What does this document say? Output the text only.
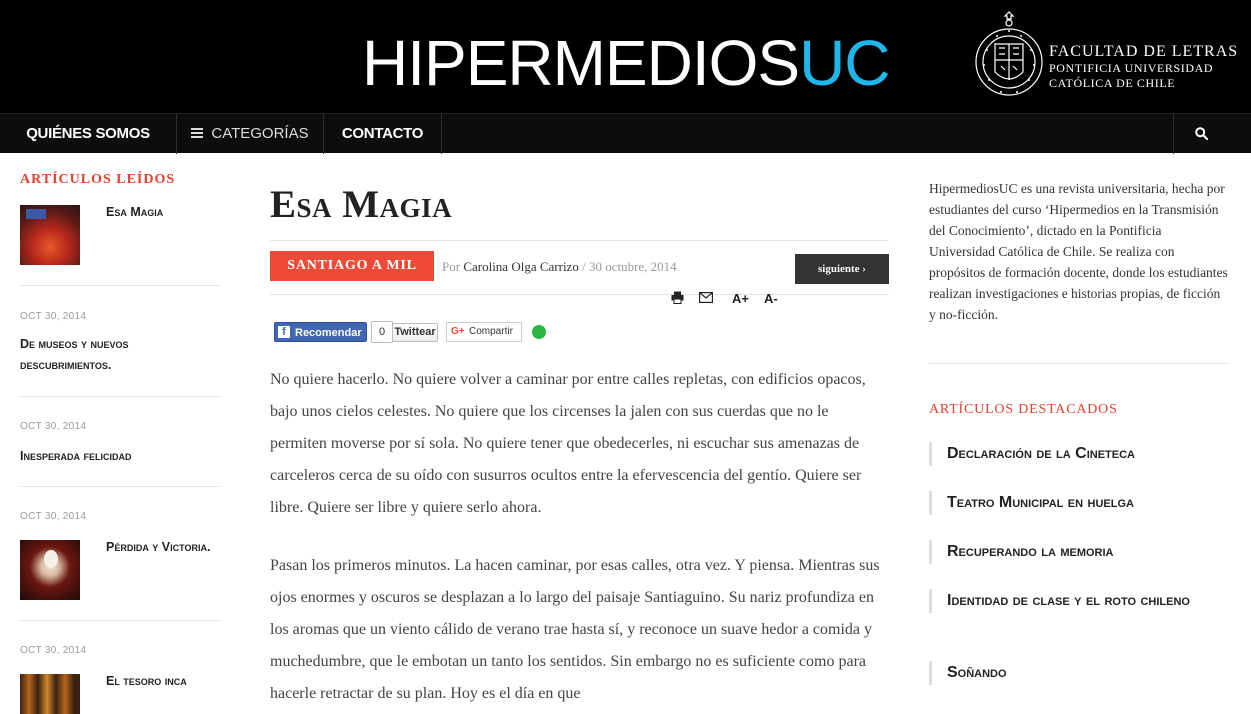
HIPERMEDIOSUC	FACULTAD DE LETRAS
PONTIFICIA UNIVERSIDAD
CATÓLICA DE CHILE
QUIÉNES SOMOS	CATEGORÍAS	CONTACTO
ARTÍCULOS LEÍDOS
Esa Magia
OCT 30, 2014
De museos y nuevos descubrimientos.
OCT 30, 2014
Inesperada felicidad
OCT 30, 2014
Pérdida y Victoria.
OCT 30, 2014
El tesoro inca
Esa Magia
SANTIAGO A MIL	Por Carolina Olga Carrizo / 30 octubre, 2014	siguiente ›
A+ A-
f Recomendar	0 Twittear G+ Compartir

No quiere hacerlo. No quiere volver a caminar por entre calles repletas, con edificios opacos, bajo unos cielos celestes. No quiere que los circenses la jalen con sus cuerdas que no le permiten moverse por sí sola. No quiere tener que obedecerles, ni escuchar sus amenazas de carceleros cerca de su oído con susurros ocultos entre la efervescencia del gentío. Quiere ser libre. Quiere ser libre y quiere serlo ahora.

Pasan los primeros minutos. La hacen caminar, por esas calles, otra vez. Y piensa. Mientras sus ojos enormes y oscuros se desplazan a lo largo del paisaje Santiaguino. Su nariz profundiza en los aromas que un viento cálido de verano trae hasta sí, y reconoce un suave hedor a comida y muchedumbre, que le embotan un tanto los sentidos. Sin embargo no es suficiente como para hacerle retractar de su plan. Hoy es el día en que

HipermediosUC es una revista universitaria, hecha por estudiantes del curso ‘Hipermedios en la Transmisión del Conocimiento’, dictado en la Pontificia Universidad Católica de Chile. Se realiza con propósitos de formación docente, donde los estudiantes realizan investigaciones e historias propias, de ficción y no-ficción.

ARTÍCULOS DESTACADOS
Declaración de la Cineteca
Teatro Municipal en huelga
Recuperando la memoria
Identidad de clase y el roto chileno
Soñando
